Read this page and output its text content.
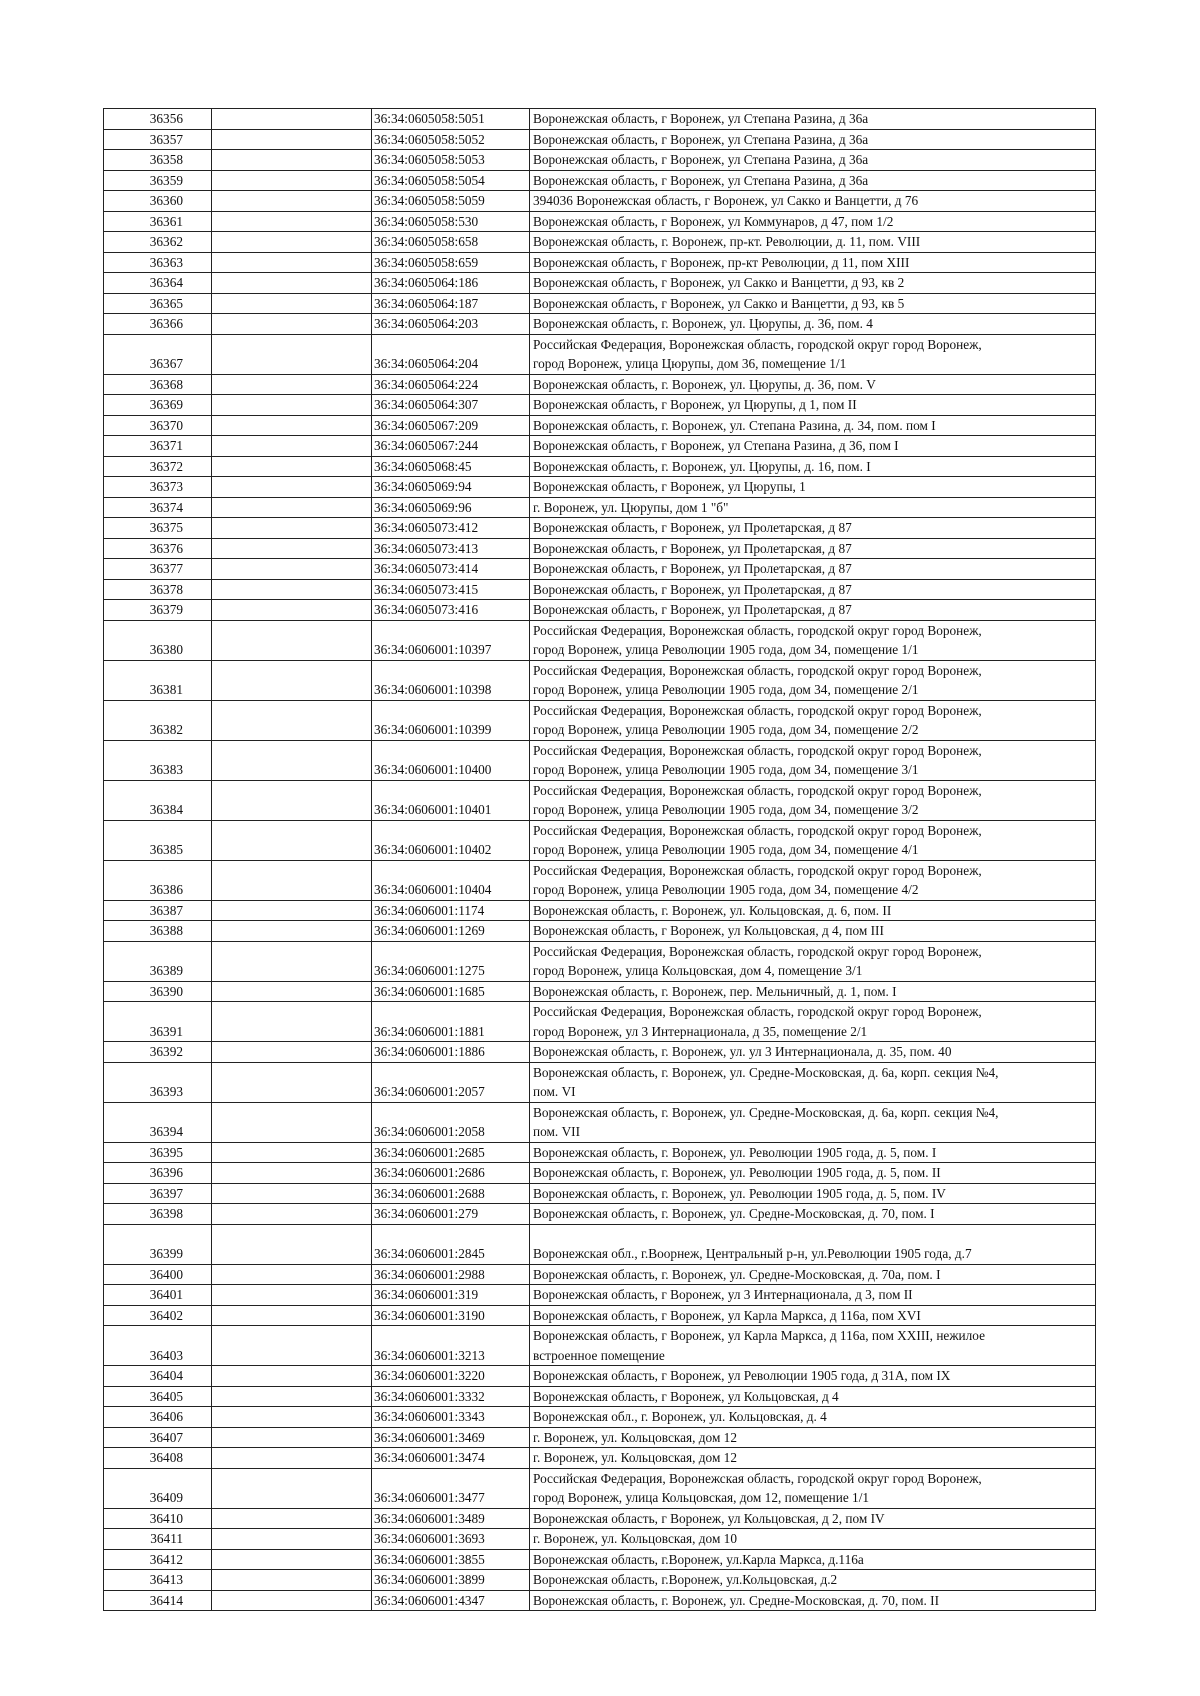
36356		36:34:0605058:5051	Воронежская область, г Воронеж, ул Степана Разина, д 36а
36357		36:34:0605058:5052	Воронежская область, г Воронеж, ул Степана Разина, д 36а
36358		36:34:0605058:5053	Воронежская область, г Воронеж, ул Степана Разина, д 36а
36359		36:34:0605058:5054	Воронежская область, г Воронеж, ул Степана Разина, д 36а
36360		36:34:0605058:5059	394036 Воронежская область, г Воронеж, ул Сакко и Ванцетти, д 76
36361		36:34:0605058:530	Воронежская область, г Воронеж, ул Коммунаров, д 47, пом 1/2
36362		36:34:0605058:658	Воронежская область, г. Воронеж, пр-кт. Революции, д. 11, пом. VIII
36363		36:34:0605058:659	Воронежская область, г Воронеж, пр-кт Революции, д 11, пом XIII
36364		36:34:0605064:186	Воронежская область, г Воронеж, ул Сакко и Ванцетти, д 93, кв 2
36365		36:34:0605064:187	Воронежская область, г Воронеж, ул Сакко и Ванцетти, д 93, кв 5
36366		36:34:0605064:203	Воронежская область, г. Воронеж, ул. Цюрупы, д. 36, пом. 4
36367		36:34:0605064:204	Российская Федерация, Воронежская область, городской округ город Воронеж,
город Воронеж, улица Цюрупы, дом 36, помещение 1/1
36368		36:34:0605064:224	Воронежская область, г. Воронеж, ул. Цюрупы, д. 36, пом. V
36369		36:34:0605064:307	Воронежская область, г Воронеж, ул Цюрупы, д 1, пом II
36370		36:34:0605067:209	Воронежская область, г. Воронеж, ул. Степана Разина, д. 34, пом. пом I
36371		36:34:0605067:244	Воронежская область, г Воронеж, ул Степана Разина, д 36, пом I
36372		36:34:0605068:45	Воронежская область, г. Воронеж, ул. Цюрупы, д. 16, пом. I
36373		36:34:0605069:94	Воронежская область, г Воронеж, ул Цюрупы, 1
36374		36:34:0605069:96	г. Воронеж, ул. Цюрупы, дом 1 "б"
36375		36:34:0605073:412	Воронежская область, г Воронеж, ул Пролетарская, д 87
36376		36:34:0605073:413	Воронежская область, г Воронеж, ул Пролетарская, д 87
36377		36:34:0605073:414	Воронежская область, г Воронеж, ул Пролетарская, д 87
36378		36:34:0605073:415	Воронежская область, г Воронеж, ул Пролетарская, д 87
36379		36:34:0605073:416	Воронежская область, г Воронеж, ул Пролетарская, д 87
36380		36:34:0606001:10397	Российская Федерация, Воронежская область, городской округ город Воронеж,
город Воронеж, улица Революции 1905 года, дом 34, помещение 1/1
36381		36:34:0606001:10398	Российская Федерация, Воронежская область, городской округ город Воронеж,
город Воронеж, улица Революции 1905 года, дом 34, помещение 2/1
36382		36:34:0606001:10399	Российская Федерация, Воронежская область, городской округ город Воронеж,
город Воронеж, улица Революции 1905 года, дом 34, помещение 2/2
36383		36:34:0606001:10400	Российская Федерация, Воронежская область, городской округ город Воронеж,
город Воронеж, улица Революции 1905 года, дом 34, помещение 3/1
36384		36:34:0606001:10401	Российская Федерация, Воронежская область, городской округ город Воронеж,
город Воронеж, улица Революции 1905 года, дом 34, помещение 3/2
36385		36:34:0606001:10402	Российская Федерация, Воронежская область, городской округ город Воронеж,
город Воронеж, улица Революции 1905 года, дом 34, помещение 4/1
36386		36:34:0606001:10404	Российская Федерация, Воронежская область, городской округ город Воронеж,
город Воронеж, улица Революции 1905 года, дом 34, помещение 4/2
36387		36:34:0606001:1174	Воронежская область, г. Воронеж, ул. Кольцовская, д. 6, пом. II
36388		36:34:0606001:1269	Воронежская область, г Воронеж, ул Кольцовская, д 4, пом III
36389		36:34:0606001:1275	Российская Федерация, Воронежская область, городской округ город Воронеж,
город Воронеж, улица Кольцовская, дом 4, помещение 3/1
36390		36:34:0606001:1685	Воронежская область, г. Воронеж, пер. Мельничный, д. 1, пом. I
36391		36:34:0606001:1881	Российская Федерация, Воронежская область, городской округ город Воронеж,
город Воронеж, ул 3 Интернационала, д 35, помещение 2/1
36392		36:34:0606001:1886	Воронежская область, г. Воронеж, ул. ул 3 Интернационала, д. 35, пом. 40
36393		36:34:0606001:2057	Воронежская область, г. Воронеж, ул. Средне-Московская, д. 6а, корп. секция №4,
пом. VI
36394		36:34:0606001:2058	Воронежская область, г. Воронеж, ул. Средне-Московская, д. 6а, корп. секция №4,
пом. VII
36395		36:34:0606001:2685	Воронежская область, г. Воронеж, ул. Революции 1905 года, д. 5, пом. I
36396		36:34:0606001:2686	Воронежская область, г. Воронеж, ул. Революции 1905 года, д. 5, пом. II
36397		36:34:0606001:2688	Воронежская область, г. Воронеж, ул. Революции 1905 года, д. 5, пом. IV
36398		36:34:0606001:279	Воронежская область, г. Воронеж, ул. Средне-Московская, д. 70, пом. I
36399		36:34:0606001:2845	Воронежская обл., г.Воорнеж, Центральный р-н, ул.Революции 1905 года, д.7
36400		36:34:0606001:2988	Воронежская область, г. Воронеж, ул. Средне-Московская, д. 70а, пом. I
36401		36:34:0606001:319	Воронежская область, г Воронеж, ул 3 Интернационала, д 3, пом II
36402		36:34:0606001:3190	Воронежская область, г Воронеж, ул Карла Маркса, д 116а, пом XVI
36403		36:34:0606001:3213	Воронежская область, г Воронеж, ул Карла Маркса, д 116а, пом XXIII, нежилое
встроенное помещение
36404		36:34:0606001:3220	Воронежская область, г Воронеж, ул Революции 1905 года, д 31А, пом IX
36405		36:34:0606001:3332	Воронежская область, г Воронеж, ул Кольцовская, д 4
36406		36:34:0606001:3343	Воронежская обл., г. Воронеж, ул. Кольцовская, д. 4
36407		36:34:0606001:3469	г. Воронеж, ул. Кольцовская, дом 12
36408		36:34:0606001:3474	г. Воронеж, ул. Кольцовская, дом 12
36409		36:34:0606001:3477	Российская Федерация, Воронежская область, городской округ город Воронеж,
город Воронеж, улица Кольцовская, дом 12, помещение 1/1
36410		36:34:0606001:3489	Воронежская область, г Воронеж, ул Кольцовская, д 2, пом IV
36411		36:34:0606001:3693	г. Воронеж, ул. Кольцовская, дом 10
36412		36:34:0606001:3855	Воронежская область, г.Воронеж, ул.Карла Маркса, д.116а
36413		36:34:0606001:3899	Воронежская область, г.Воронеж, ул.Кольцовская, д.2
36414		36:34:0606001:4347	Воронежская область, г. Воронеж, ул. Средне-Московская, д. 70, пом. II
